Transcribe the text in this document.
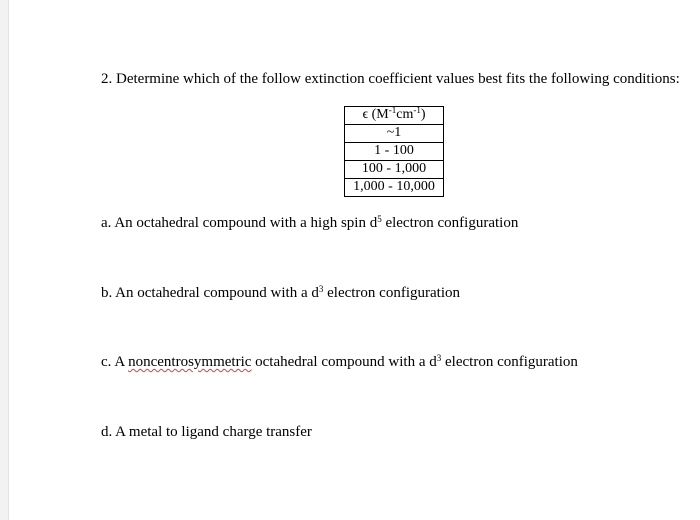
2. Determine which of the follow extinction coefficient values best fits the following conditions:
ϵ $(M^{-1}cm^{-1})$
~1
1 - 100
100 - 1,000
1,000 - 10,000
a. An octahedral compound with a high spin $d^5$ electron configuration
b. An octahedral compound with a $d^3$ electron configuration
c. A noncentrosymmetric octahedral compound with a $d^3$ electron configuration
d. A metal to ligand charge transfer
